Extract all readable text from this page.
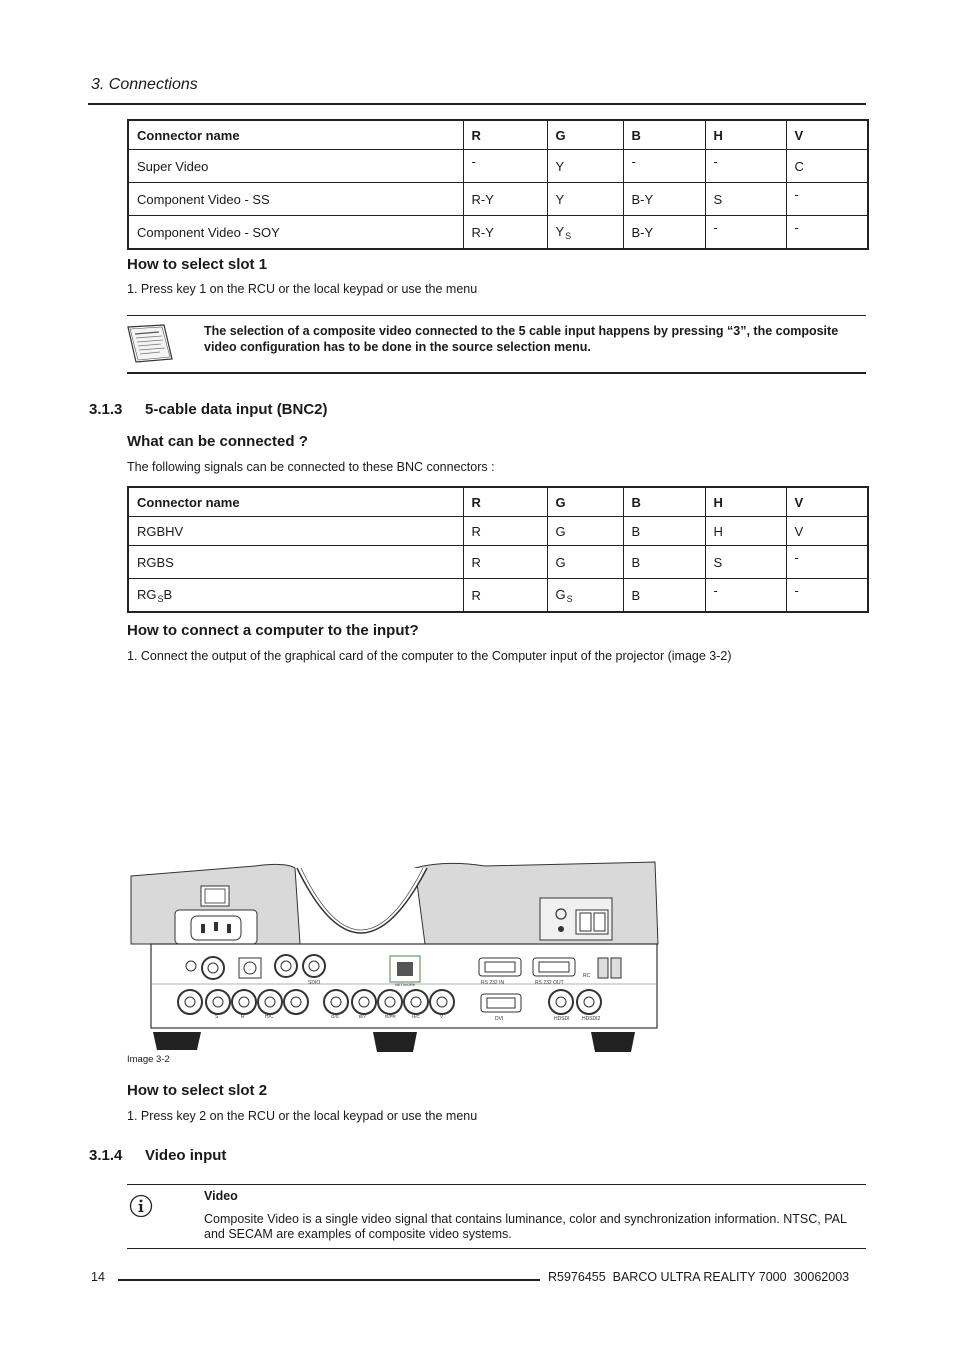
3. Connections
Connector name	R	G	B	H	V
Super Video	-	Y	-	-	C
Component Video - SS	R-Y	Y	B-Y	S	-
Component Video - SOY	R-Y	$Y_S$	B-Y	-	-
How to select slot 1
1. Press key 1 on the RCU or the local keypad or use the menu
The selection of a composite video connected to the 5 cable input happens by pressing “3”, the composite video configuration has to be done in the source selection menu.
3.1.3 5-cable data input (BNC2)
What can be connected ?
The following signals can be connected to these BNC connectors :
Connector name	R	G	B	H	V
RGBHV	R	G	B	H	V
RGBS	R	G	B	S	-
$RG_SB$	R	$G_S$	B	-	-
How to connect a computer to the input?
1. Connect the output of the graphical card of the computer to the Computer input of the projector (image 3-2)
RS 232 IN	RS 232 OUT
RC
SDIO	NETWORK
DVI	HDSDI HDSDI2
S	R	H/C	G/S	B/Y	R/PR	H/C	V
Image 3-2
How to select slot 2
1. Press key 2 on the RCU or the local keypad or use the menu
3.1.4 Video input
Video
Composite Video is a single video signal that contains luminance, color and synchronization information. NTSC, PAL and SECAM are examples of composite video systems.
14	R5976455  BARCO ULTRA REALITY 7000  30062003
